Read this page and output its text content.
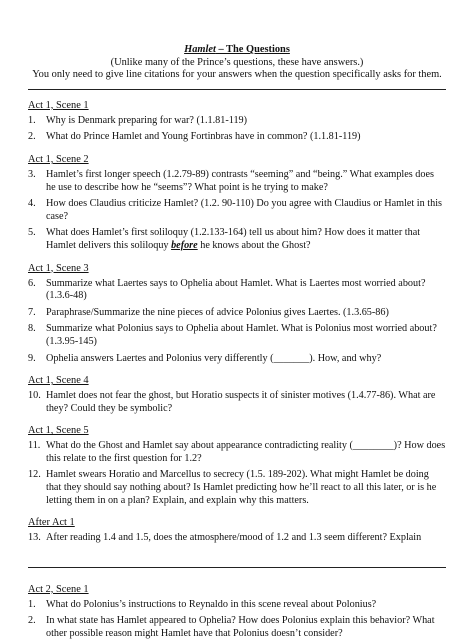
Hamlet – The Questions
(Unlike many of the Prince’s questions, these have answers.)
You only need to give line citations for your answers when the question specifically asks for them.
Act 1, Scene 1
1.	Why is Denmark preparing for war? (1.1.81-119)
2.	What do Prince Hamlet and Young Fortinbras have in common? (1.1.81-119)
Act 1, Scene 2
3.	Hamlet’s first longer speech (1.2.79-89) contrasts “seeming” and “being.” What examples does he use to describe how he “seems”? What point is he trying to make?
4.	How does Claudius criticize Hamlet? (1.2. 90-110) Do you agree with Claudius or Hamlet in this case?
5.	What does Hamlet’s first soliloquy (1.2.133-164) tell us about him? How does it matter that Hamlet delivers this soliloquy before he knows about the Ghost?
Act 1, Scene 3
6.	Summarize what Laertes says to Ophelia about Hamlet. What is Laertes most worried about? (1.3.6-48)
7.	Paraphrase/Summarize the nine pieces of advice Polonius gives Laertes. (1.3.65-86)
8.	Summarize what Polonius says to Ophelia about Hamlet. What is Polonius most worried about? (1.3.95-145)
9.	Ophelia answers Laertes and Polonius very differently (_______). How, and why?
Act 1, Scene 4
10. Hamlet does not fear the ghost, but Horatio suspects it of sinister motives (1.4.77-86). What are they? Could they be symbolic?
Act 1, Scene 5
11. What do the Ghost and Hamlet say about appearance contradicting reality (________)? How does this relate to the first question for 1.2?
12. Hamlet swears Horatio and Marcellus to secrecy (1.5. 189-202). What might Hamlet be doing that they should say nothing about? Is Hamlet predicting how he’ll react to all this later, or is he letting them in on a plan? Explain, and explain why this matters.
After Act 1
13. After reading 1.4 and 1.5, does the atmosphere/mood of 1.2 and 1.3 seem different? Explain
Act 2, Scene 1
1.	What do Polonius’s instructions to Reynaldo in this scene reveal about Polonius?
2.	In what state has Hamlet appeared to Ophelia? How does Polonius explain this behavior? What other possible reason might Hamlet have that Polonius doesn’t consider?
